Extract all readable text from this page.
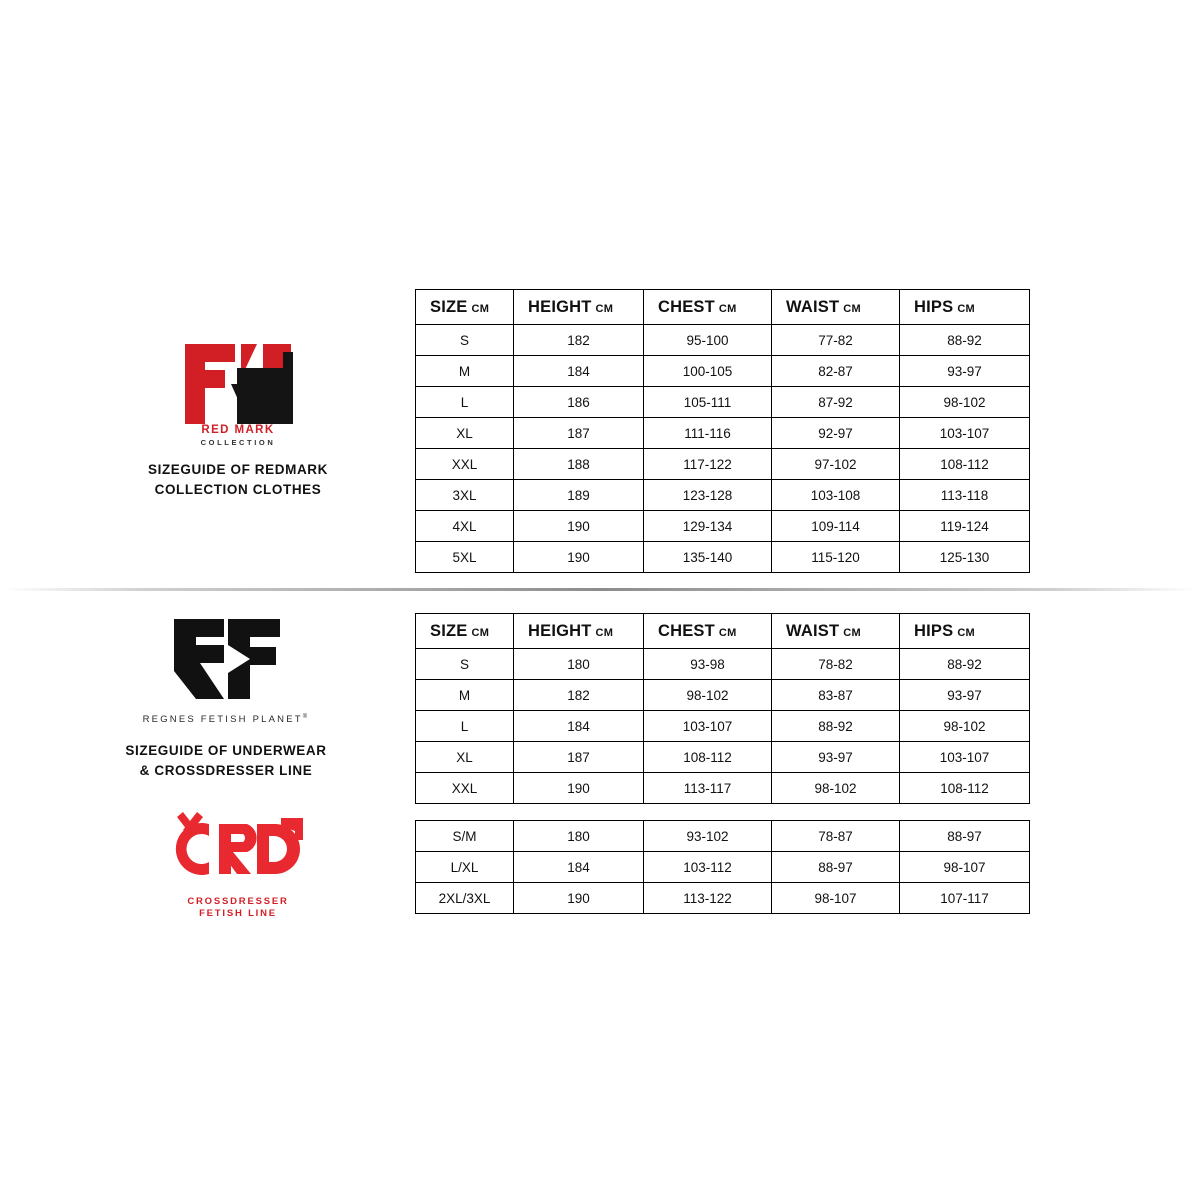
RED MARK
COLLECTION
SIZEGUIDE OF REDMARK
COLLECTION CLOTHES
REGNES FETISH PLANET®
SIZEGUIDE OF UNDERWEAR
& CROSSDRESSER LINE
CROSSDRESSER
FETISH LINE
SIZE CM	HEIGHT CM	CHEST CM	WAIST CM	HIPS CM
S	182	95-100	77-82	88-92
M	184	100-105	82-87	93-97
L	186	105-111	87-92	98-102
XL	187	111-116	92-97	103-107
XXL	188	117-122	97-102	108-112
3XL	189	123-128	103-108	113-118
4XL	190	129-134	109-114	119-124
5XL	190	135-140	115-120	125-130
SIZE CM	HEIGHT CM	CHEST CM	WAIST CM	HIPS CM
S	180	93-98	78-82	88-92
M	182	98-102	83-87	93-97
L	184	103-107	88-92	98-102
XL	187	108-112	93-97	103-107
XXL	190	113-117	98-102	108-112
S/M	180	93-102	78-87	88-97
L/XL	184	103-112	88-97	98-107
2XL/3XL	190	113-122	98-107	107-117
